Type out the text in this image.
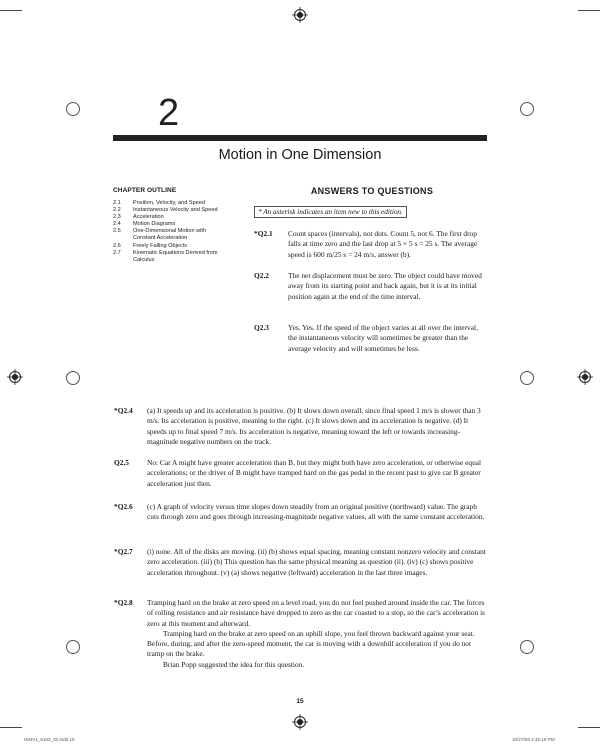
2
Motion in One Dimension
CHAPTER OUTLINE
2.1	Position, Velocity, and Speed
2.2	Instantaneous Velocity and Speed
2.3	Acceleration
2.4	Motion Diagrams
2.5	One-Dimensional Motion with Constant Acceleration
2.6	Freely Falling Objects
2.7	Kinematic Equations Derived from Calculus
ANSWERS TO QUESTIONS
* An asterisk indicates an item new to this edition.
*Q2.1 Count spaces (intervals), not dots. Count 5, not 6. The first drop falls at time zero and the last drop at 5 × 5 s = 25 s. The average speed is 600 m/25 s = 24 m/s, answer (b).

Q2.2	The net displacement must be zero. The object could have moved away from its starting point and back again, but it is at its initial position again at the end of the time interval.

Q2.3	Yes. Yes. If the speed of the object varies at all over the interval, the instantaneous velocity will sometimes be greater than the average velocity and will sometimes be less.

*Q2.4 (a) It speeds up and its acceleration is positive. (b) It slows down overall, since final speed 1 m/s is slower than 3 m/s. Its acceleration is positive, meaning to the right. (c) It slows down and its acceleration is negative. (d) It speeds up to final speed 7 m/s. Its acceleration is negative, meaning toward the left or towards increasing-magnitude negative numbers on the track.

Q2.5 No: Car A might have greater acceleration than B, but they might both have zero acceleration, or otherwise equal accelerations; or the driver of B might have tramped hard on the gas pedal in the recent past to give car B greater acceleration just then.

*Q2.6 (c) A graph of velocity versus time slopes down steadily from an original positive (northward) value. The graph cuts through zero and goes through increasing-magnitude negative values, all with the same constant acceleration.

*Q2.7 (i) none. All of the disks are moving. (ii) (b) shows equal spacing, meaning constant nonzero velocity and constant zero acceleration. (iii) (b) This question has the same physical meaning as question (ii). (iv) (c) shows positive acceleration throughout. (v) (a) shows negative (leftward) acceleration in the last three images.

*Q2.8 Tramping hard on the brake at zero speed on a level road, you do not feel pushed around inside the car. The forces of rolling resistance and air resistance have dropped to zero as the car coasted to a stop, so the car’s acceleration is zero at this moment and afterward.

Tramping hard on the brake at zero speed on an uphill slope, you feel thrown backward against your seat. Before, during, and after the zero-speed moment, the car is moving with a downhill acceleration if you do not tramp on the brake.

Brian Popp suggested the idea for this question.

15
ISMV1_5103_02.indd 15	10/27/06 2:45:19 PM
